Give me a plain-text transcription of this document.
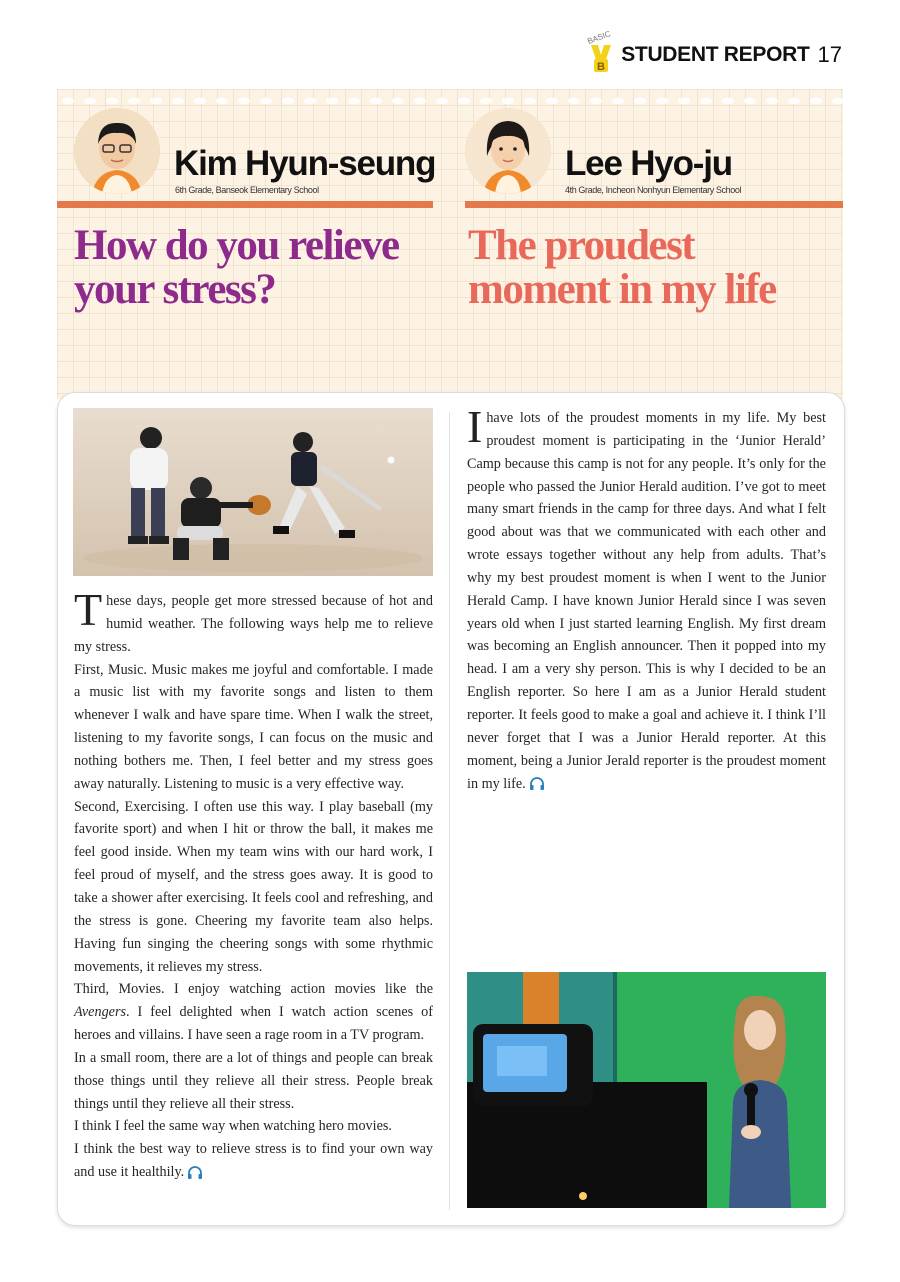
BASIC
B
STUDENT REPORT 17
Kim Hyun-seung
6th Grade, Banseok Elementary School
Lee Hyo-ju
4th Grade, Incheon Nonhyun Elementary School
How do you relieve
your stress?
The proudest
moment in my life

These days, people get more stressed because of hot and humid weather. The following ways help me to relieve my stress.

First, Music. Music makes me joyful and comfortable. I made a music list with my favorite songs and listen to them whenever I walk and have spare time. When I walk the street, listening to my favorite songs, I can focus on the music and nothing bothers me. Then, I feel better and my stress goes away naturally. Listening to music is a very effective way.

Second, Exercising. I often use this way. I play baseball (my favorite sport) and when I hit or throw the ball, it makes me feel good inside. When my team wins with our hard work, I feel proud of myself, and the stress goes away. It is good to take a shower after exercising. It feels cool and refreshing, and the stress is gone. Cheering my favorite team also helps. Having fun singing the cheering songs with some rhythmic movements, it relieves my stress.

Third, Movies. I enjoy watching action movies like the Avengers. I feel delighted when I watch action scenes of heroes and villains. I have seen a rage room in a TV program.

In a small room, there are a lot of things and people can break those things until they relieve all their stress. People break things until they relieve all their stress.

I think I feel the same way when watching hero movies.

I think the best way to relieve stress is to find your own way and use it healthily.

Ihave lots of the proudest moments in my life. My best proudest moment is participating in the ‘Junior Herald’ Camp because this camp is not for any people. It’s only for the people who passed the Junior Herald audition. I’ve got to meet many smart friends in the camp for three days. And what I felt good about was that we communicated with each other and wrote essays together without any help from adults. That’s why my best proudest moment is when I went to the Junior Herald Camp. I have known Junior Herald since I was seven years old when I just started learning English. My first dream was becoming an English announcer. Then it popped into my head. I am a very shy person. This is why I decided to be an English reporter. So here I am as a Junior Herald student reporter. It feels good to make a goal and achieve it. I think I’ll never forget that I was a Junior Herald reporter. At this moment, being a Junior Jerald reporter is the proudest moment in my life.
